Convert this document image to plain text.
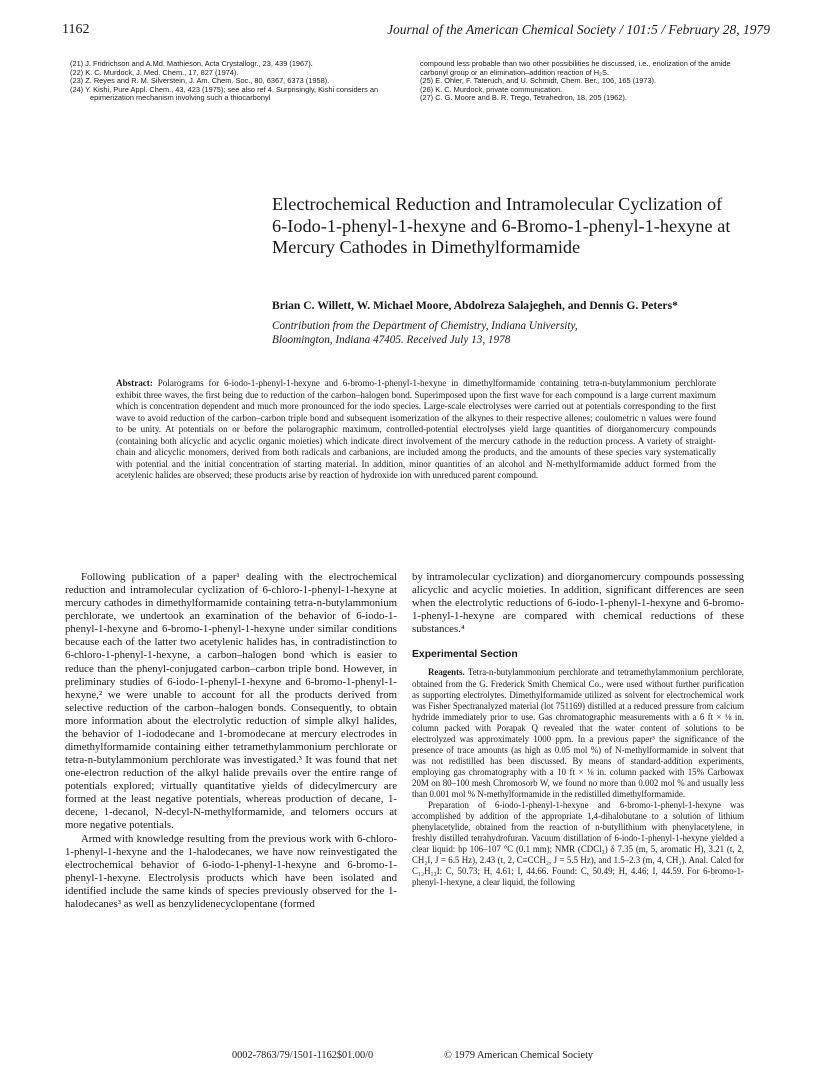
1162	Journal of the American Chemical Society / 101:5 / February 28, 1979

(21) J. Fridrichson and A.Md. Mathieson, Acta Crystallogr., 23, 439 (1967).

(22) K. C. Murdock, J. Med. Chem., 17, 827 (1974).

(23) Z. Reyes and R. M. Silverstein, J. Am. Chem. Soc., 80, 6367, 6373 (1958).

(24) Y. Kishi, Pure Appl. Chem., 43, 423 (1975); see also ref 4. Surprisingly, Kishi considers an epimerization mechanism involving such a thiocarbonyl

compound less probable than two other possibilities he discussed, i.e., enolization of the amide carbonyl group or an elimination–addition reaction of H₂S.

(25) E. Ohler, F. Tateruch, and U. Schmidt, Chem. Ber., 106, 165 (1973).

(26) K. C. Murdock, private communication.

(27) C. G. Moore and B. R. Trego, Tetrahedron, 18, 205 (1962).

Electrochemical Reduction and Intramolecular Cyclization of 6-Iodo-1-phenyl-1-hexyne and 6-Bromo-1-phenyl-1-hexyne at Mercury Cathodes in Dimethylformamide
Brian C. Willett, W. Michael Moore, Abdolreza Salajegheh, and Dennis G. Peters*
Contribution from the Department of Chemistry, Indiana University,
Bloomington, Indiana 47405. Received July 13, 1978

Abstract: Polarograms for 6-iodo-1-phenyl-1-hexyne and 6-bromo-1-phenyl-1-hexyne in dimethylformamide containing tetra-n-butylammonium perchlorate exhibit three waves, the first being due to reduction of the carbon–halogen bond. Superimposed upon the first wave for each compound is a large current maximum which is concentration dependent and much more pronounced for the iodo species. Large-scale electrolyses were carried out at potentials corresponding to the first wave to avoid reduction of the carbon–carbon triple bond and subsequent isomerization of the alkynes to their respective allenes; coulometric n values were found to be unity. At potentials on or before the polarographic maximum, controlled-potential electrolyses yield large quantities of diorganomercury compounds (containing both alicyclic and acyclic organic moieties) which indicate direct involvement of the mercury cathode in the reduction process. A variety of straight-chain and alicyclic monomers, derived from both radicals and carbanions, are included among the products, and the amounts of these species vary systematically with potential and the initial concentration of starting material. In addition, minor quantities of an alcohol and N-methylformamide adduct formed from the acetylenic halides are observed; these products arise by reaction of hydroxide ion with unreduced parent compound.

Following publication of a paper¹ dealing with the electrochemical reduction and intramolecular cyclization of 6-chloro-1-phenyl-1-hexyne at mercury cathodes in dimethylformamide containing tetra-n-butylammonium perchlorate, we undertook an examination of the behavior of 6-iodo-1-phenyl-1-hexyne and 6-bromo-1-phenyl-1-hexyne under similar conditions because each of the latter two acetylenic halides has, in contradistinction to 6-chloro-1-phenyl-1-hexyne, a carbon–halogen bond which is easier to reduce than the phenyl-conjugated carbon–carbon triple bond. However, in preliminary studies of 6-iodo-1-phenyl-1-hexyne and 6-bromo-1-phenyl-1-hexyne,² we were unable to account for all the products derived from selective reduction of the carbon–halogen bonds. Consequently, to obtain more information about the electrolytic reduction of simple alkyl halides, the behavior of 1-iododecane and 1-bromodecane at mercury electrodes in dimethylformamide containing either tetramethylammonium perchlorate or tetra-n-butylammonium perchlorate was investigated.³ It was found that net one-electron reduction of the alkyl halide prevails over the entire range of potentials explored; virtually quantitative yields of didecylmercury are formed at the least negative potentials, whereas production of decane, 1-decene, 1-decanol, N-decyl-N-methylformamide, and telomers occurs at more negative potentials.

Armed with knowledge resulting from the previous work with 6-chloro-1-phenyl-1-hexyne and the 1-halodecanes, we have now reinvestigated the electrochemical behavior of 6-iodo-1-phenyl-1-hexyne and 6-bromo-1-phenyl-1-hexyne. Electrolysis products which have been isolated and identified include the same kinds of species previously observed for the 1-halodecanes³ as well as benzylidenecyclopentane (formed

by intramolecular cyclization) and diorganomercury compounds possessing alicyclic and acyclic moieties. In addition, significant differences are seen when the electrolytic reductions of 6-iodo-1-phenyl-1-hexyne and 6-bromo-1-phenyl-1-hexyne are compared with chemical reductions of these substances.⁴

Experimental Section

Reagents. Tetra-n-butylammonium perchlorate and tetramethylammonium perchlorate, obtained from the G. Frederick Smith Chemical Co., were used without further purification as supporting electrolytes. Dimethylformamide utilized as solvent for electrochemical work was Fisher Spectranalyzed material (lot 751169) distilled at a reduced pressure from calcium hydride immediately prior to use. Gas chromatographic measurements with a 6 ft × ⅛ in. column packed with Porapak Q revealed that the water content of solutions to be electrolyzed was approximately 1000 ppm. In a previous paper³ the significance of the presence of trace amounts (as high as 0.05 mol %) of N-methylformamide in solvent that was not redistilled has been discussed. By means of standard-addition experiments, employing gas chromatography with a 10 ft × ⅛ in. column packed with 15% Carbowax 20M on 80–100 mesh Chromosorb W, we found no more than 0.002 mol % and usually less than 0.001 mol % N-methylformamide in the redistilled dimethylformamide.

Preparation of 6-iodo-1-phenyl-1-hexyne and 6-bromo-1-phenyl-1-hexyne was accomplished by addition of the appropriate 1,4-dihalobutane to a solution of lithium phenylacetylide, obtained from the reaction of n-butyllithium with phenylacetylene, in freshly distilled tetrahydrofuran. Vacuum distillation of 6-iodo-1-phenyl-1-hexyne yielded a clear liquid: bp 106–107 °C (0.1 mm); NMR (CDCl₃) δ 7.35 (m, 5, aromatic H), 3.21 (t, 2, CH₂I, J = 6.5 Hz), 2.43 (t, 2, C≡CCH₂, J = 5.5 Hz), and 1.5–2.3 (m, 4, CH₂). Anal. Calcd for C₁₂H₁₃I: C, 50.73; H, 4.61; I, 44.66. Found: C, 50.49; H, 4.46; I, 44.59. For 6-bromo-1-phenyl-1-hexyne, a clear liquid, the following

0002-7863/79/1501-1162$01.00/0	© 1979 American Chemical Society
